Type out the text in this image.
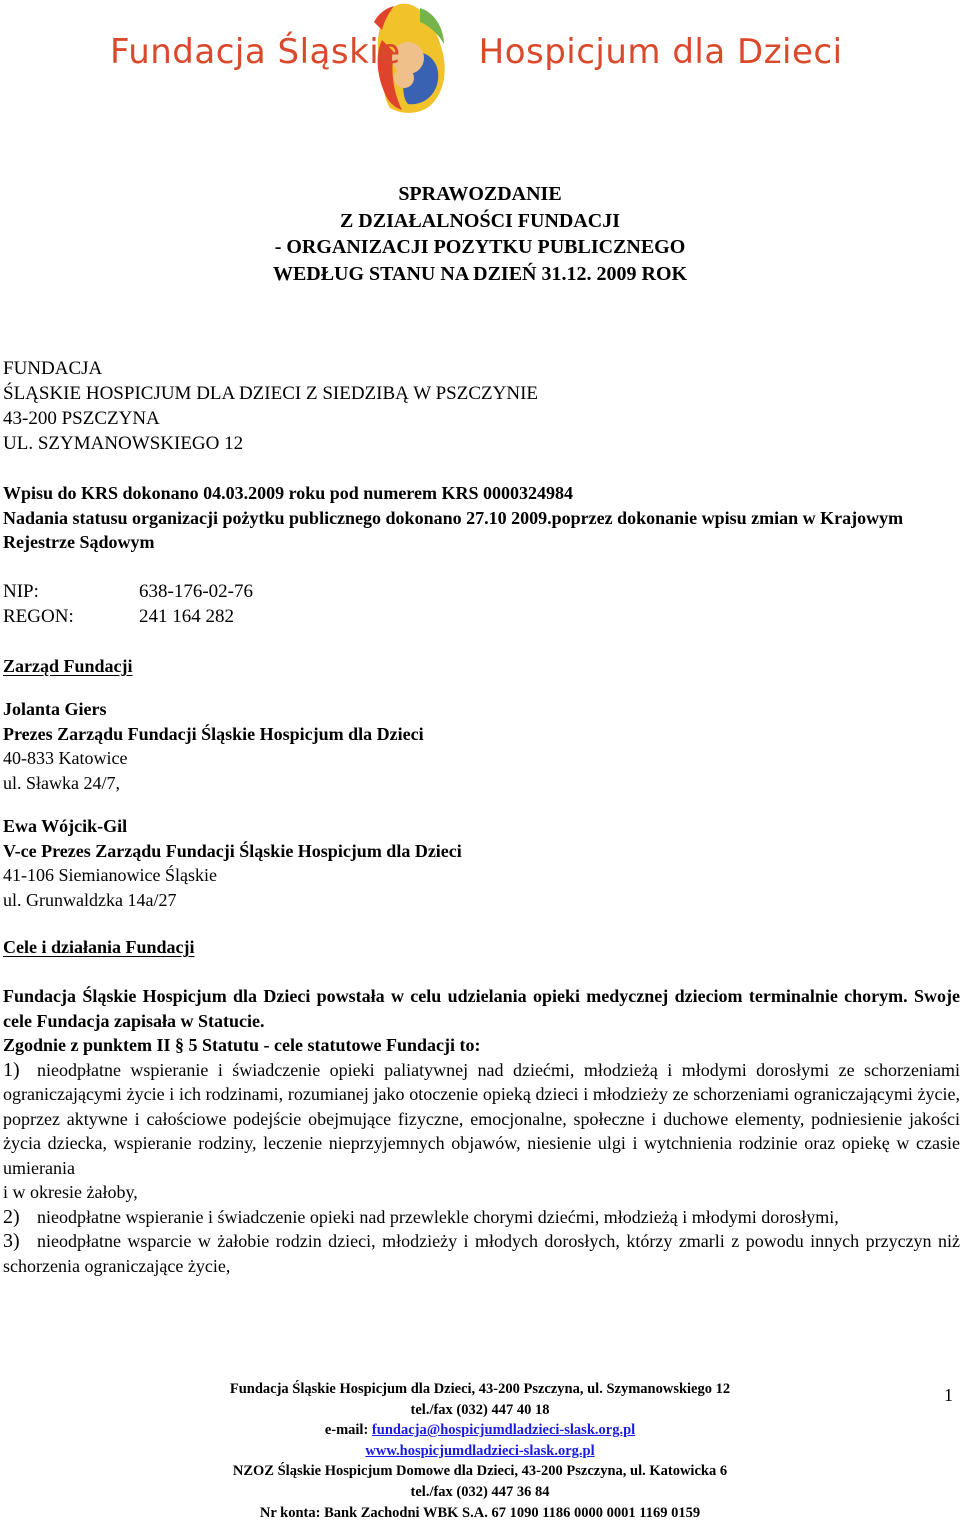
Fundacja Śląskie Hospicjum dla Dzieci
SPRAWOZDANIE
Z DZIAŁALNOŚCI FUNDACJI
- ORGANIZACJI POZYTKU PUBLICZNEGO
WEDŁUG STANU NA DZIEŃ 31.12. 2009 ROK
FUNDACJA
ŚLĄSKIE HOSPICJUM DLA DZIECI Z SIEDZIBĄ W PSZCZYNIE
43-200 PSZCZYNA
UL. SZYMANOWSKIEGO 12
Wpisu do KRS dokonano 04.03.2009 roku pod numerem KRS 0000324984
Nadania statusu organizacji pożytku publicznego dokonano 27.10 2009.poprzez dokonanie wpisu zmian w Krajowym Rejestrze Sądowym
NIP:	638-176-02-76
REGON:	241 164 282
Zarząd Fundacji
Jolanta Giers
Prezes Zarządu Fundacji Śląskie Hospicjum dla Dzieci
40-833 Katowice
ul. Sławka 24/7,
Ewa Wójcik-Gil
V-ce Prezes Zarządu Fundacji Śląskie Hospicjum dla Dzieci
41-106 Siemianowice Śląskie
ul. Grunwaldzka 14a/27
Cele i działania Fundacji
Fundacja Śląskie Hospicjum dla Dzieci powstała w celu udzielania opieki medycznej dzieciom terminalnie chorym. Swoje cele Fundacja zapisała w Statucie.
Zgodnie z punktem II § 5 Statutu - cele statutowe Fundacji to:
1) nieodpłatne wspieranie i świadczenie opieki paliatywnej nad dziećmi, młodzieżą i młodymi dorosłymi ze schorzeniami ograniczającymi życie i ich rodzinami, rozumianej jako otoczenie opieką dzieci i młodzieży ze schorzeniami ograniczającymi życie, poprzez aktywne i całościowe podejście obejmujące fizyczne, emocjonalne, społeczne i duchowe elementy, podniesienie jakości życia dziecka, wspieranie rodziny, leczenie nieprzyjemnych objawów, niesienie ulgi i wytchnienia rodzinie oraz opiekę w czasie umierania
i w okresie żałoby,
2) nieodpłatne wspieranie i świadczenie opieki nad przewlekle chorymi dziećmi, młodzieżą i młodymi dorosłymi,
3) nieodpłatne wsparcie w żałobie rodzin dzieci, młodzieży i młodych dorosłych, którzy zmarli z powodu innych przyczyn niż schorzenia ograniczające życie,
Fundacja Śląskie Hospicjum dla Dzieci, 43-200 Pszczyna, ul. Szymanowskiego 12
tel./fax (032) 447 40 18
e-mail: fundacja@hospicjumdladzieci-slask.org.pl
www.hospicjumdladzieci-slask.org.pl
NZOZ Śląskie Hospicjum Domowe dla Dzieci, 43-200 Pszczyna, ul. Katowicka 6
tel./fax (032) 447 36 84
Nr konta: Bank Zachodni WBK S.A. 67 1090 1186 0000 0001 1169 0159
1
